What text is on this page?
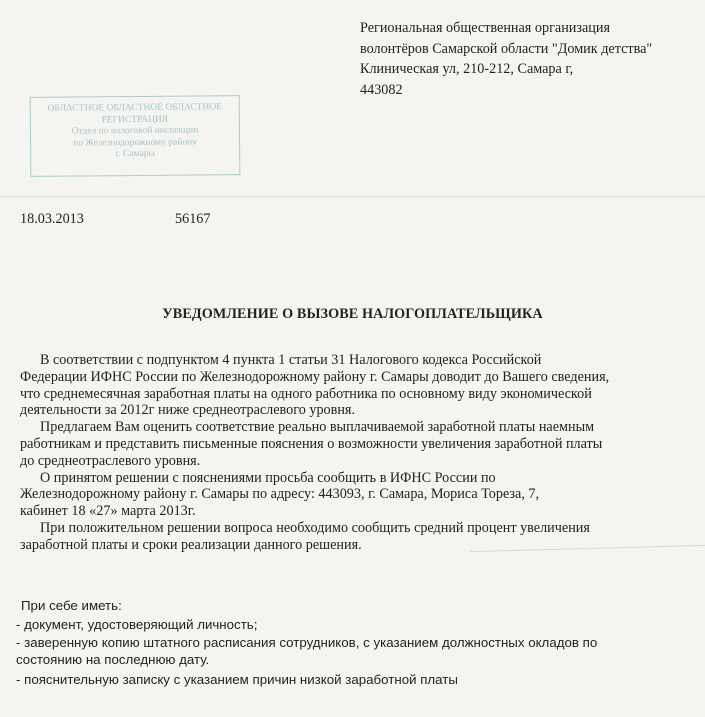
Региональная общественная организация
волонтёров Самарской области "Домик детства"
Клиническая ул, 210-212, Самара г,
443082
ОБЛАСТНОЕ ОБЛАСТНОЕ ОБЛАСТНОЕ
РЕГИСТРАЦИЯ
Отдел по налоговой инспекции
по Железнодорожному району
г. Самары
18.03.2013	56167
УВЕДОМЛЕНИЕ О ВЫЗОВЕ НАЛОГОПЛАТЕЛЬЩИКА

В соответствии с подпунктом 4 пункта 1 статьи 31 Налогового кодекса Российской
Федерации ИФНС России по Железнодорожному району г. Самары доводит до Вашего сведения,
что среднемесячная заработная платы на одного работника по основному виду экономической
деятельности за 2012г ниже среднеотраслевого уровня.

Предлагаем Вам оценить соответствие реально выплачиваемой заработной платы наемным
работникам и представить письменные пояснения о возможности увеличения заработной платы
до среднеотраслевого уровня.

О принятом решении с пояснениями просьба сообщить в ИФНС России по
Железнодорожному району г. Самары по адресу: 443093, г. Самара, Мориса Тореза, 7,
кабинет 18 «27» марта 2013г.

При положительном решении вопроса необходимо сообщить средний процент увеличения
заработной платы и сроки реализации данного решения.

При себе иметь:
- документ, удостоверяющий личность;
- заверенную копию штатного расписания сотрудников, с указанием должностных окладов по
состоянию на последнюю дату.
- пояснительную записку с указанием причин низкой заработной платы
